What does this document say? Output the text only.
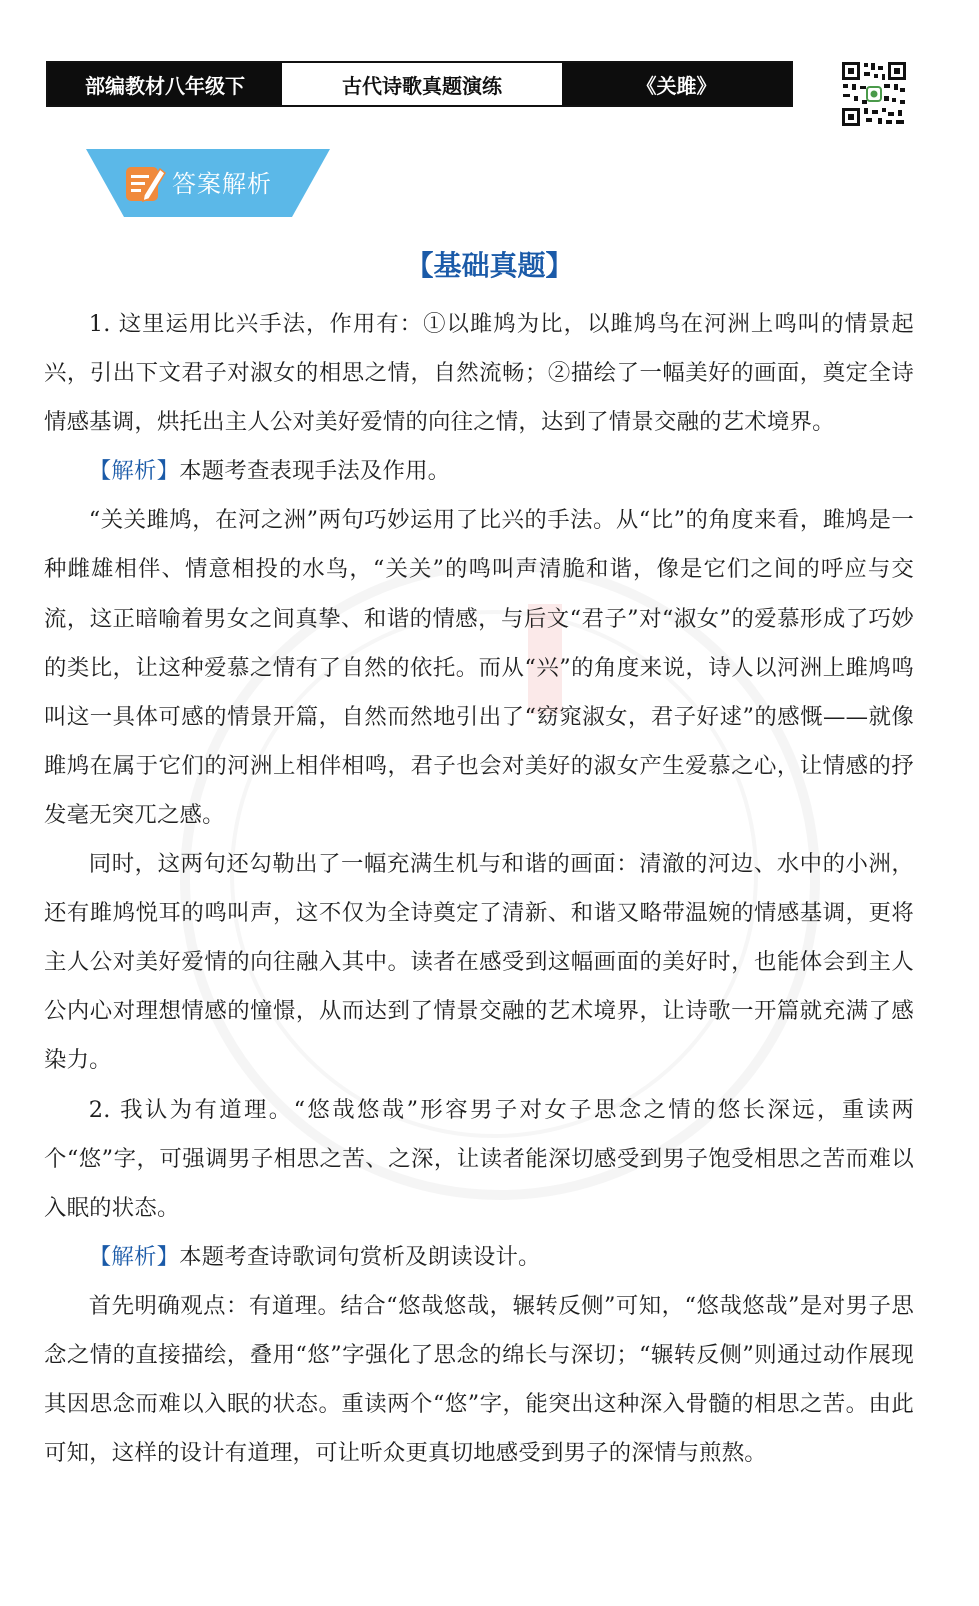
部编教材八年级下	古代诗歌真题演练	《关雎》
答案解析
【基础真题】

1. 这里运用比兴手法，作用有：①以雎鸠为比，以雎鸠鸟在河洲上鸣叫的情景起兴，引出下文君子对淑女的相思之情，自然流畅；②描绘了一幅美好的画面，奠定全诗情感基调，烘托出主人公对美好爱情的向往之情，达到了情景交融的艺术境界。

【解析】本题考查表现手法及作用。

“关关雎鸠，在河之洲”两句巧妙运用了比兴的手法。从“比”的角度来看，雎鸠是一种雌雄相伴、情意相投的水鸟，“关关”的鸣叫声清脆和谐，像是它们之间的呼应与交流，这正暗喻着男女之间真挚、和谐的情感，与后文“君子”对“淑女”的爱慕形成了巧妙的类比，让这种爱慕之情有了自然的依托。而从“兴”的角度来说，诗人以河洲上雎鸠鸣叫这一具体可感的情景开篇，自然而然地引出了“窈窕淑女，君子好逑”的感慨——就像雎鸠在属于它们的河洲上相伴相鸣，君子也会对美好的淑女产生爱慕之心，让情感的抒发毫无突兀之感。

同时，这两句还勾勒出了一幅充满生机与和谐的画面：清澈的河边、水中的小洲，还有雎鸠悦耳的鸣叫声，这不仅为全诗奠定了清新、和谐又略带温婉的情感基调，更将主人公对美好爱情的向往融入其中。读者在感受到这幅画面的美好时，也能体会到主人公内心对理想情感的憧憬，从而达到了情景交融的艺术境界，让诗歌一开篇就充满了感染力。

2. 我认为有道理。“悠哉悠哉”形容男子对女子思念之情的悠长深远，重读两个“悠”字，可强调男子相思之苦、之深，让读者能深切感受到男子饱受相思之苦而难以入眠的状态。

【解析】本题考查诗歌词句赏析及朗读设计。

首先明确观点：有道理。结合“悠哉悠哉，辗转反侧”可知，“悠哉悠哉”是对男子思念之情的直接描绘，叠用“悠”字强化了思念的绵长与深切；“辗转反侧”则通过动作展现其因思念而难以入眠的状态。重读两个“悠”字，能突出这种深入骨髓的相思之苦。由此可知，这样的设计有道理，可让听众更真切地感受到男子的深情与煎熬。
